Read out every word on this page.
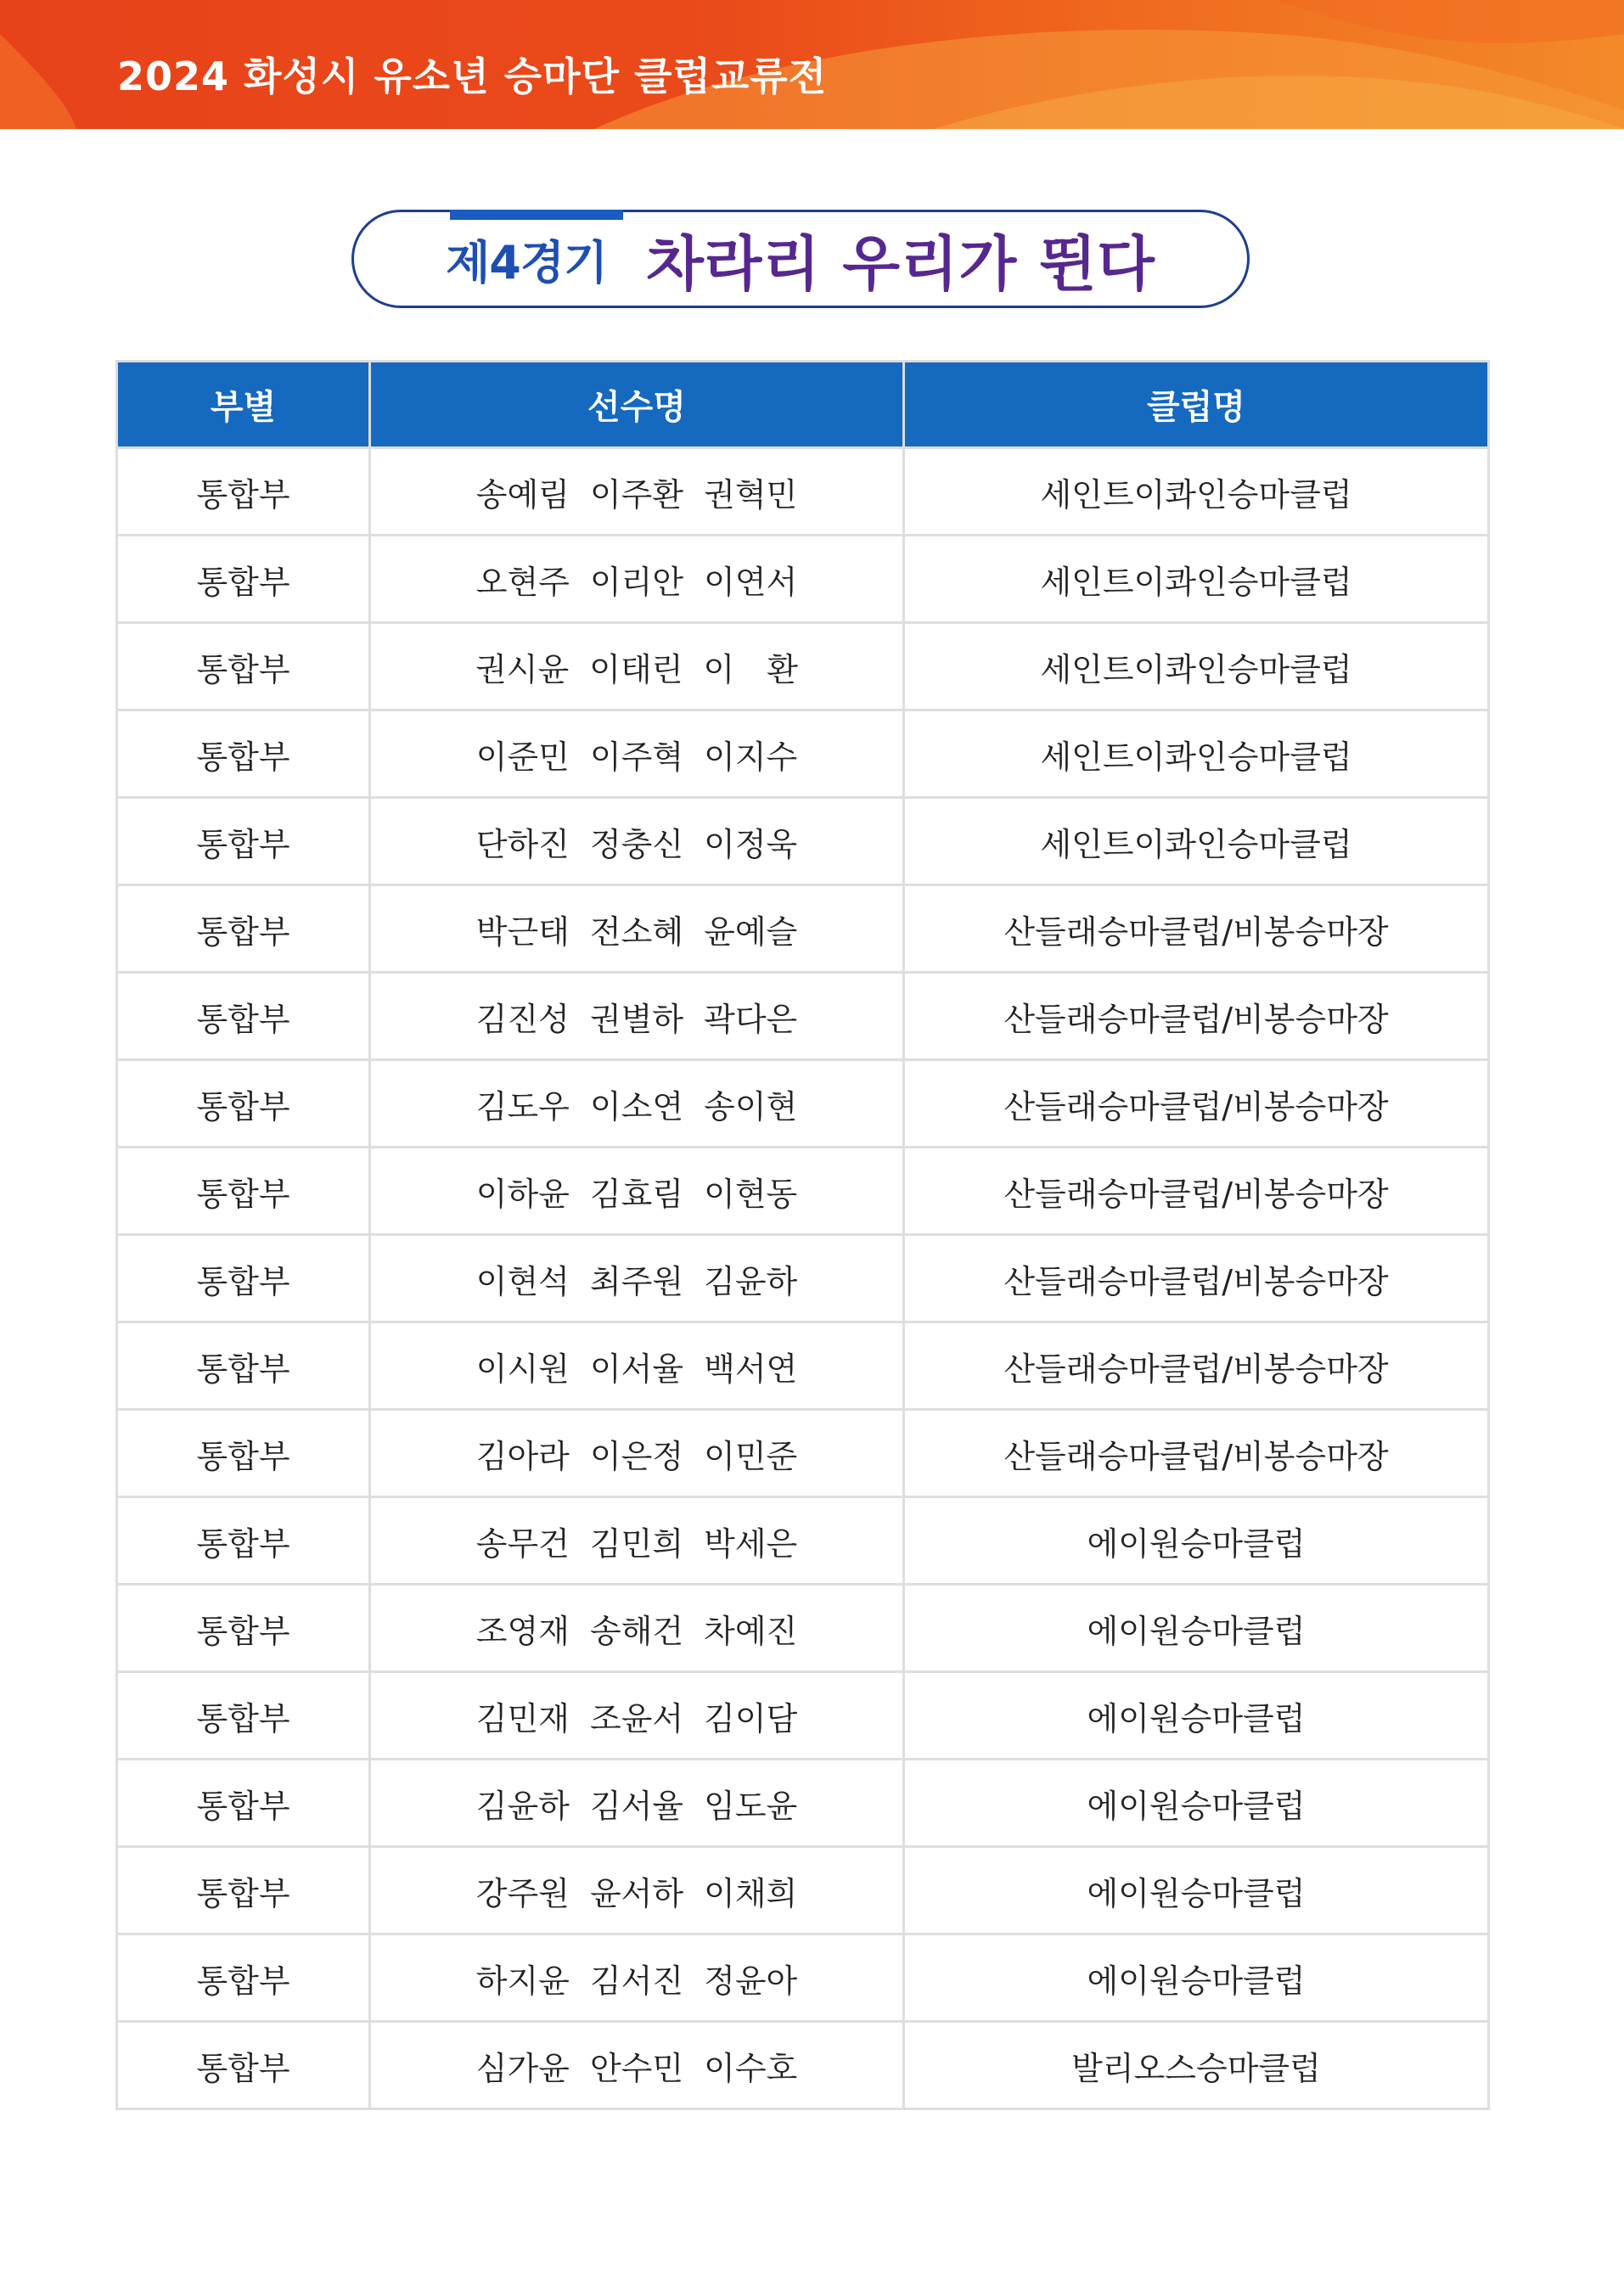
2024 화성시 유소년 승마단 클럽교류전
제4경기 차라리 우리가 뛴다
부별	선수명	클럽명
통합부	송예림 이주환 권혁민	세인트이콰인승마클럽
통합부	오현주 이리안 이연서	세인트이콰인승마클럽
통합부	권시윤 이태린 이　환	세인트이콰인승마클럽
통합부	이준민 이주혁 이지수	세인트이콰인승마클럽
통합부	단하진 정충신 이정욱	세인트이콰인승마클럽
통합부	박근태 전소혜 윤예슬	산들래승마클럽/비봉승마장
통합부	김진성 권별하 곽다은	산들래승마클럽/비봉승마장
통합부	김도우 이소연 송이현	산들래승마클럽/비봉승마장
통합부	이하윤 김효림 이현동	산들래승마클럽/비봉승마장
통합부	이현석 최주원 김윤하	산들래승마클럽/비봉승마장
통합부	이시원 이서율 백서연	산들래승마클럽/비봉승마장
통합부	김아라 이은정 이민준	산들래승마클럽/비봉승마장
통합부	송무건 김민희 박세은	에이원승마클럽
통합부	조영재 송해건 차예진	에이원승마클럽
통합부	김민재 조윤서 김이담	에이원승마클럽
통합부	김윤하 김서율 임도윤	에이원승마클럽
통합부	강주원 윤서하 이채희	에이원승마클럽
통합부	하지윤 김서진 정윤아	에이원승마클럽
통합부	심가윤 안수민 이수호	발리오스승마클럽
